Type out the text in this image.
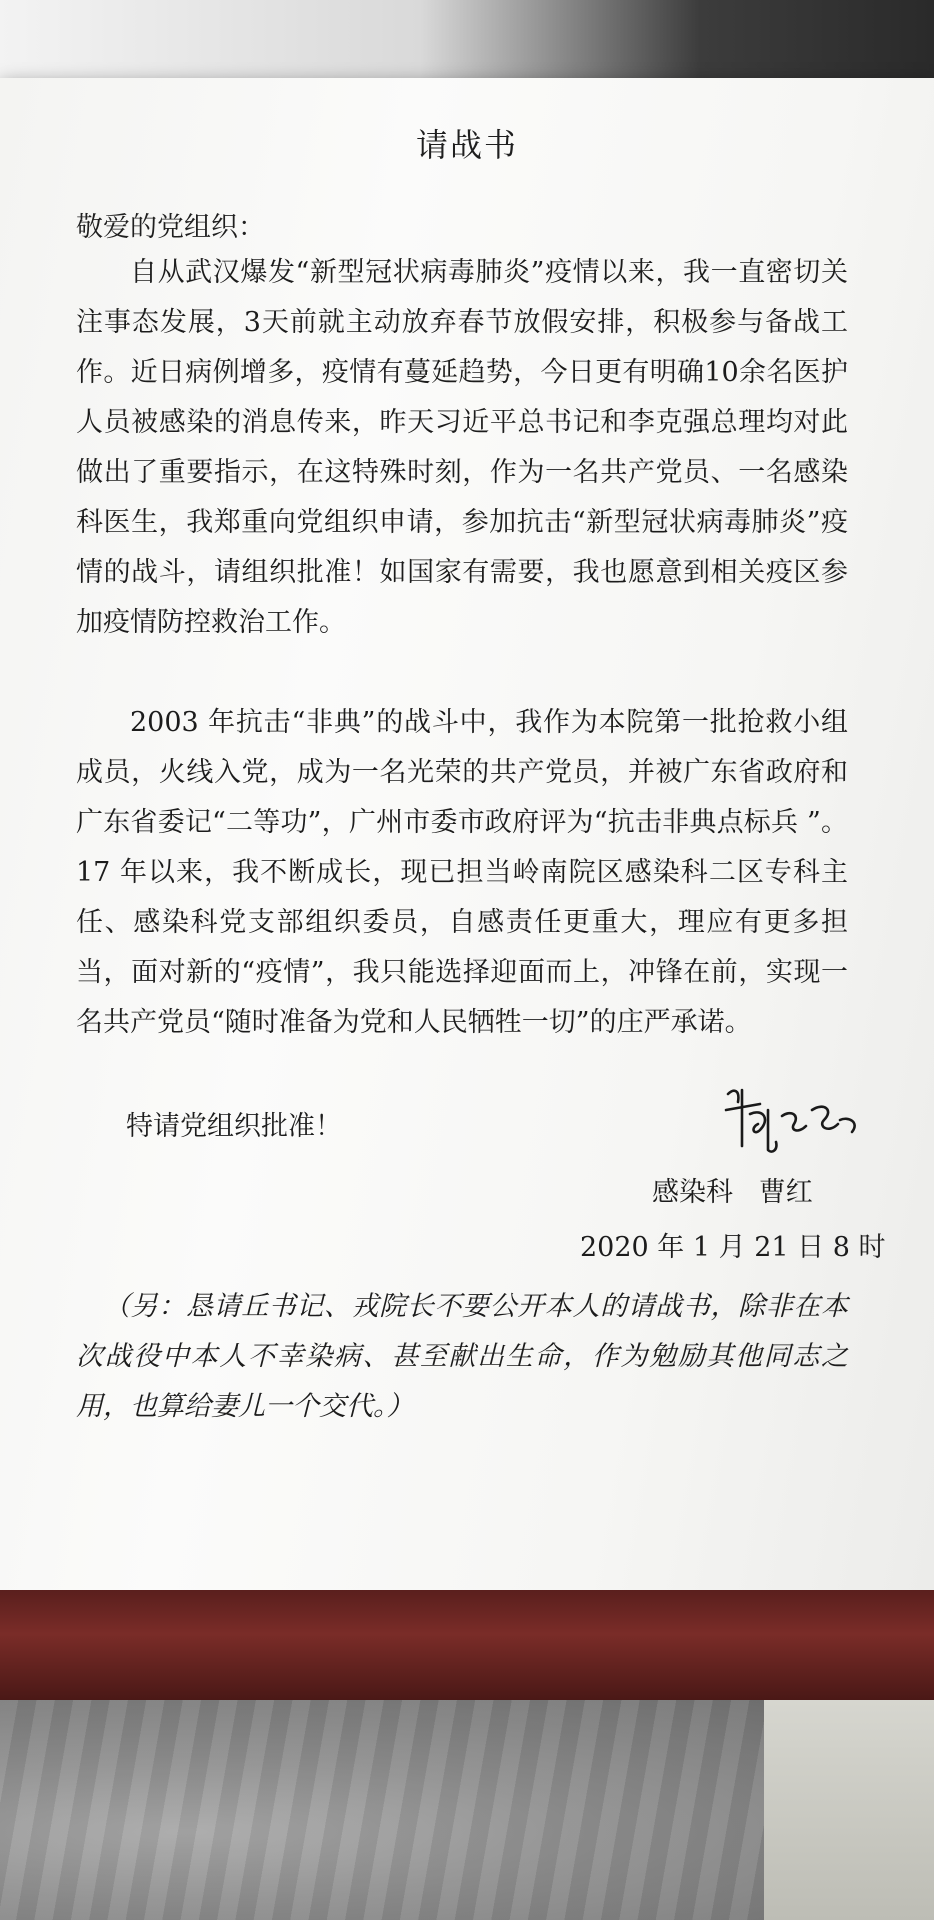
请战书
敬爱的党组织：

自从武汉爆发“新型冠状病毒肺炎”疫情以来，我一直密切关注事态发展，3天前就主动放弃春节放假安排，积极参与备战工作。近日病例增多，疫情有蔓延趋势，今日更有明确10余名医护人员被感染的消息传来，昨天习近平总书记和李克强总理均对此做出了重要指示，在这特殊时刻，作为一名共产党员、一名感染科医生，我郑重向党组织申请，参加抗击“新型冠状病毒肺炎”疫情的战斗，请组织批准！如国家有需要，我也愿意到相关疫区参加疫情防控救治工作。

2003 年抗击“非典”的战斗中，我作为本院第一批抢救小组成员，火线入党，成为一名光荣的共产党员，并被广东省政府和广东省委记“二等功”，广州市委市政府评为“抗击非典点标兵 ”。17 年以来，我不断成长，现已担当岭南院区感染科二区专科主任、感染科党支部组织委员，自感责任更重大，理应有更多担当，面对新的“疫情”，我只能选择迎面而上，冲锋在前，实现一名共产党员“随时准备为党和人民牺牲一切”的庄严承诺。

特请党组织批准！
感染科   曹红
2020 年 1 月 21 日 8 时

（另：恳请丘书记、戎院长不要公开本人的请战书，除非在本次战役中本人不幸染病、甚至献出生命，作为勉励其他同志之用，也算给妻儿一个交代。）
